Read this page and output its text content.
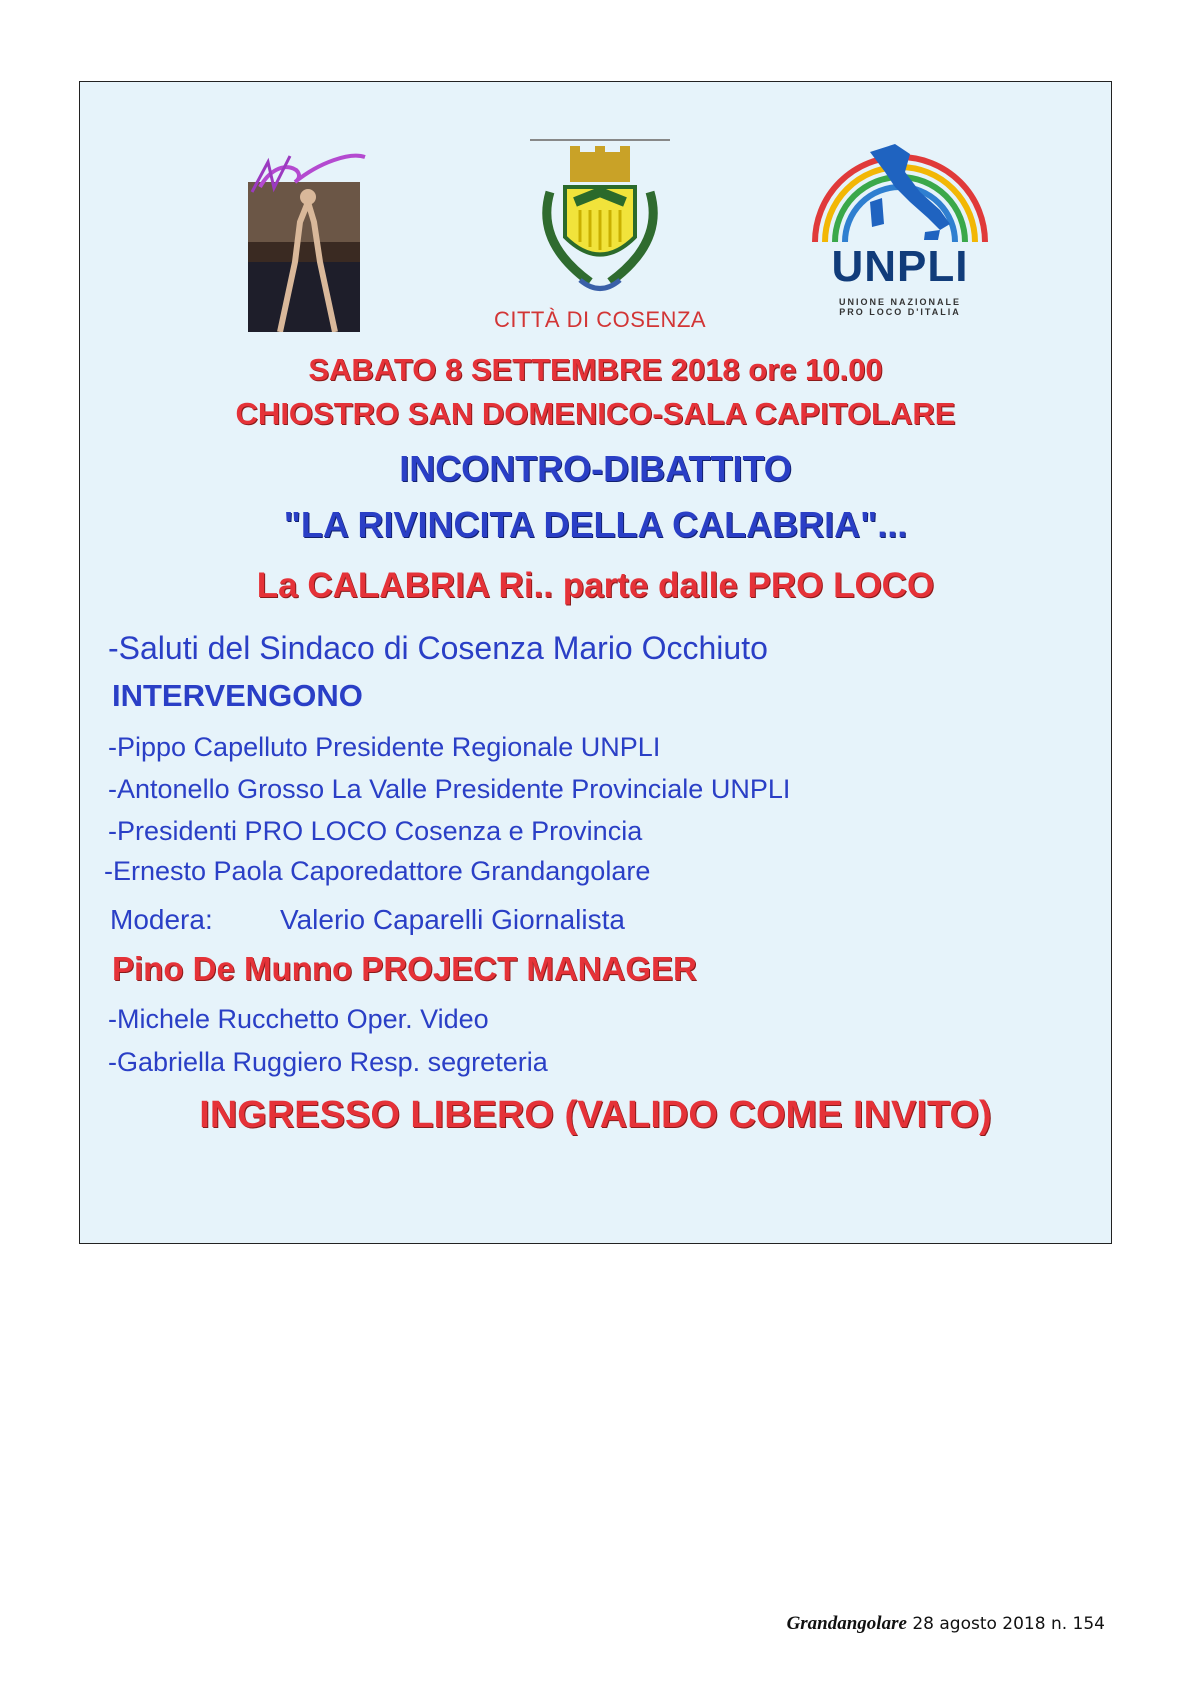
CITTÀ DI COSENZA
UNPLI
UNIONE NAZIONALE
PRO LOCO D'ITALIA
SABATO 8 SETTEMBRE 2018 ore 10.00
CHIOSTRO SAN DOMENICO-SALA CAPITOLARE
INCONTRO-DIBATTITO
"LA RIVINCITA DELLA CALABRIA"...
La CALABRIA Ri.. parte dalle PRO LOCO
-Saluti del Sindaco di Cosenza Mario Occhiuto
INTERVENGONO
-Pippo Capelluto Presidente Regionale UNPLI
-Antonello Grosso La Valle Presidente Provinciale UNPLI
-Presidenti PRO LOCO Cosenza e Provincia
-Ernesto Paola Caporedattore Grandangolare
Modera: Valerio Caparelli Giornalista
Pino De Munno PROJECT MANAGER
-Michele Rucchetto Oper. Video
-Gabriella Ruggiero Resp. segreteria
INGRESSO LIBERO (VALIDO COME INVITO)
Grandangolare 28 agosto 2018 n. 154
